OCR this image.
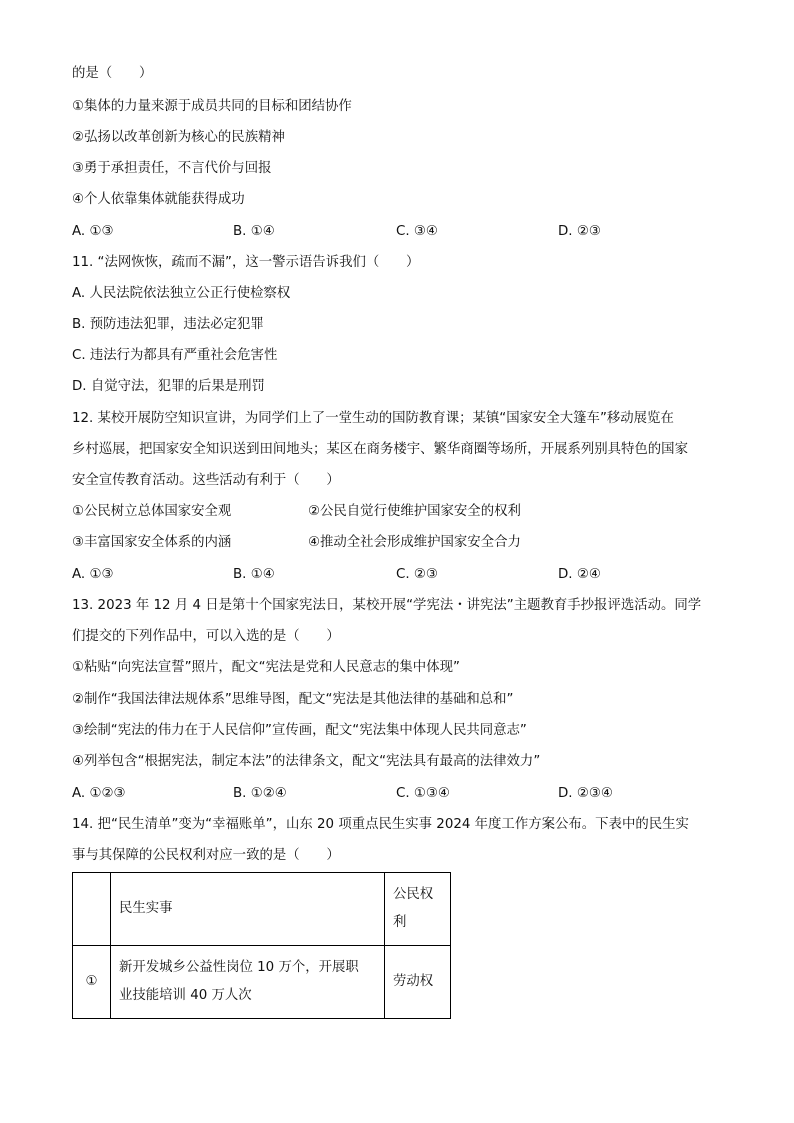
的是（　　）
①集体的力量来源于成员共同的目标和团结协作
②弘扬以改革创新为核心的民族精神
③勇于承担责任，不言代价与回报
④个人依靠集体就能获得成功
A. ①③	B. ①④	C. ③④	D. ②③
11. “法网恢恢，疏而不漏”，这一警示语告诉我们（　　）
A. 人民法院依法独立公正行使检察权
B. 预防违法犯罪，违法必定犯罪
C. 违法行为都具有严重社会危害性
D. 自觉守法，犯罪的后果是刑罚
12. 某校开展防空知识宣讲，为同学们上了一堂生动的国防教育课；某镇“国家安全大篷车”移动展览在
乡村巡展，把国家安全知识送到田间地头；某区在商务楼宇、繁华商圈等场所，开展系列别具特色的国家
安全宣传教育活动。这些活动有利于（　　）
①公民树立总体国家安全观	②公民自觉行使维护国家安全的权利
③丰富国家安全体系的内涵	④推动全社会形成维护国家安全合力
A. ①③	B. ①④	C. ②③	D. ②④
13. 2023 年 12 月 4 日是第十个国家宪法日，某校开展“学宪法・讲宪法”主题教育手抄报评选活动。同学
们提交的下列作品中，可以入选的是（　　）
①粘贴“向宪法宣誓”照片，配文“宪法是党和人民意志的集中体现”
②制作“我国法律法规体系”思维导图，配文“宪法是其他法律的基础和总和”
③绘制“宪法的伟力在于人民信仰”宣传画，配文“宪法集中体现人民共同意志”
④列举包含“根据宪法，制定本法”的法律条文，配文“宪法具有最高的法律效力”
A. ①②③	B. ①②④	C. ①③④	D. ②③④
14. 把“民生清单”变为“幸福账单”，山东 20 项重点民生实事 2024 年度工作方案公布。下表中的民生实
事与其保障的公民权利对应一致的是（　　）
	民生实事	公民权
利

①	新开发城乡公益性岗位 10 万个，开展职
业技能培训 40 万人次	劳动权
